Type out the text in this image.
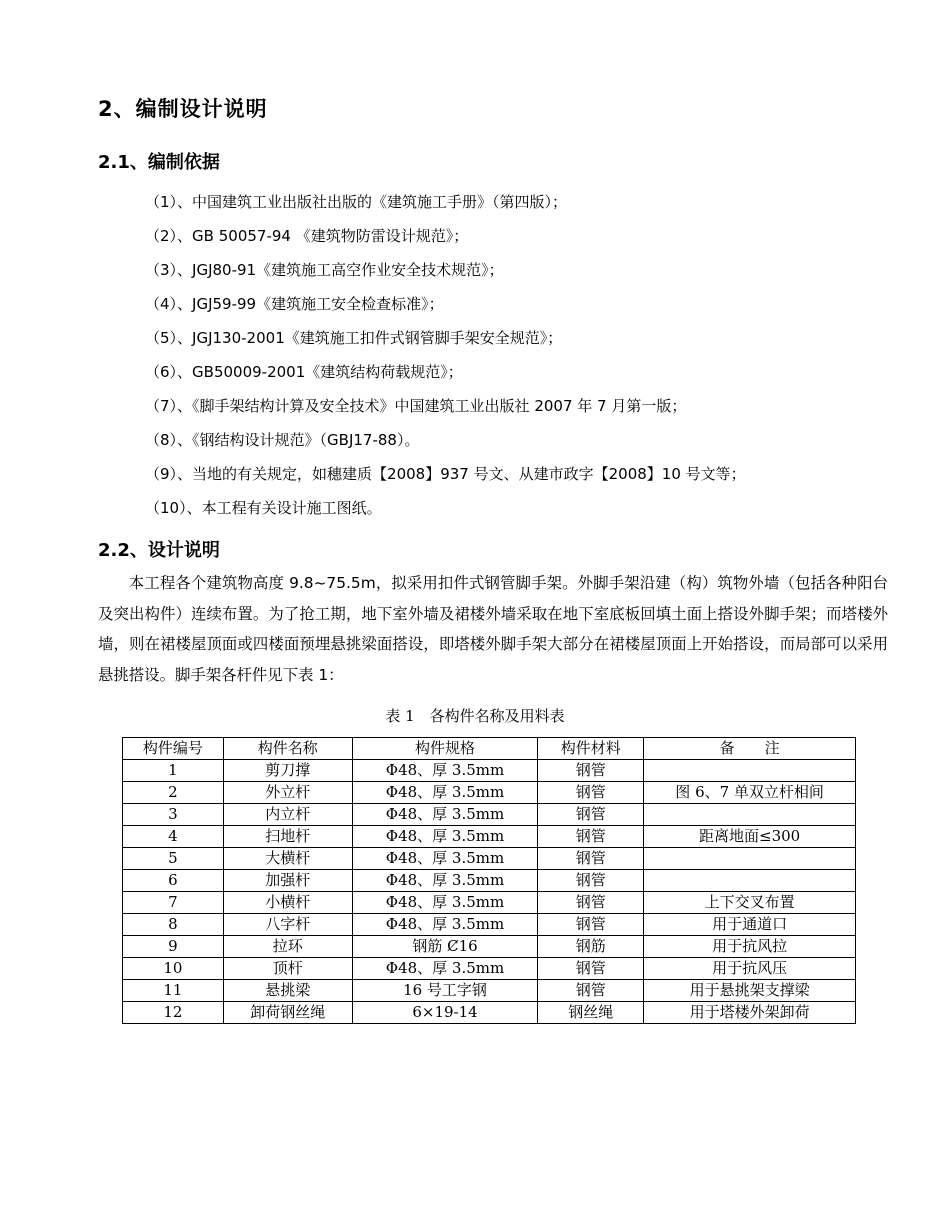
2、编制设计说明
2.1、编制依据
（1）、中国建筑工业出版社出版的《建筑施工手册》（第四版）；
（2）、GB 50057-94 《建筑物防雷设计规范》；
（3）、JGJ80-91《建筑施工高空作业安全技术规范》；
（4）、JGJ59-99《建筑施工安全检查标准》；
（5）、JGJ130-2001《建筑施工扣件式钢管脚手架安全规范》；
（6）、GB50009-2001《建筑结构荷载规范》；
（7）、《脚手架结构计算及安全技术》中国建筑工业出版社 2007 年 7 月第一版；
（8）、《钢结构设计规范》（GBJ17-88）。
（9）、当地的有关规定，如穗建质【2008】937 号文、从建市政字【2008】10 号文等；
（10）、本工程有关设计施工图纸。
2.2、设计说明

本工程各个建筑物高度 9.8~75.5m，拟采用扣件式钢管脚手架。外脚手架沿建（构）筑物外墙（包括各种阳台及突出构件）连续布置。为了抢工期，地下室外墙及裙楼外墙采取在地下室底板回填土面上搭设外脚手架；而塔楼外墙，则在裙楼屋顶面或四楼面预埋悬挑梁面搭设，即塔楼外脚手架大部分在裙楼屋顶面上开始搭设，而局部可以采用悬挑搭设。脚手架各杆件见下表 1：

表 1　各构件名称及用料表
构件编号	构件名称	构件规格	构件材料	备　　注
1	剪刀撑	Φ48、厚 3.5mm	钢管	
2	外立杆	Φ48、厚 3.5mm	钢管	图 6、7 单双立杆相间
3	内立杆	Φ48、厚 3.5mm	钢管	
4	扫地杆	Φ48、厚 3.5mm	钢管	距离地面≤300
5	大横杆	Φ48、厚 3.5mm	钢管	
6	加强杆	Φ48、厚 3.5mm	钢管	
7	小横杆	Φ48、厚 3.5mm	钢管	上下交叉布置
8	八字杆	Φ48、厚 3.5mm	钢管	用于通道口
9	拉环	钢筋 Ȼ16	钢筋	用于抗风拉
10	顶杆	Φ48、厚 3.5mm	钢管	用于抗风压
11	悬挑梁	16 号工字钢	钢管	用于悬挑架支撑梁
12	卸荷钢丝绳	6×19-14	钢丝绳	用于塔楼外架卸荷
